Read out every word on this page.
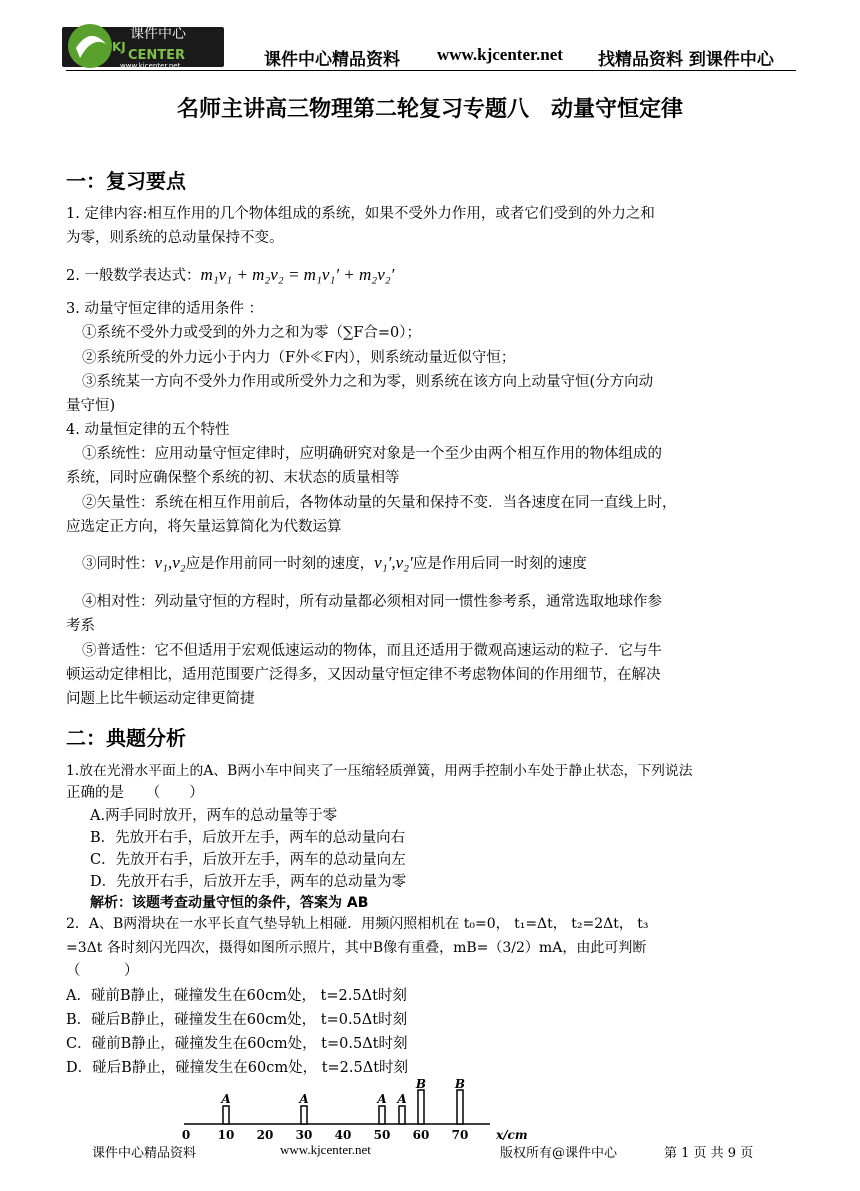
课件中心
KJ
CENTER
www.kjcenter.net	课件中心精品资料 www.kjcenter.net 找精品资料 到课件中心
名师主讲高三物理第二轮复习专题八　动量守恒定律
一：复习要点
1. 定律内容:相互作用的几个物体组成的系统，如果不受外力作用，或者它们受到的外力之和
为零，则系统的总动量保持不变。
2. 一般数学表达式：m₁v₁ + m₂v₂ = m₁v₁′ + m₂v₂′
3. 动量守恒定律的适用条件 ：
①系统不受外力或受到的外力之和为零（∑F合=0）；
②系统所受的外力远小于内力（F外≪F内），则系统动量近似守恒；
③系统某一方向不受外力作用或所受外力之和为零，则系统在该方向上动量守恒(分方向动
量守恒)
4. 动量恒定律的五个特性
①系统性：应用动量守恒定律时，应明确研究对象是一个至少由两个相互作用的物体组成的
系统，同时应确保整个系统的初、末状态的质量相等
②矢量性：系统在相互作用前后，各物体动量的矢量和保持不变．当各速度在同一直线上时，
应选定正方向，将矢量运算简化为代数运算
③同时性：v₁,v₂应是作用前同一时刻的速度，v₁′,v₂′应是作用后同一时刻的速度
④相对性：列动量守恒的方程时，所有动量都必须相对同一惯性参考系，通常选取地球作参
考系
⑤普适性：它不但适用于宏观低速运动的物体，而且还适用于微观高速运动的粒子．它与牛
顿运动定律相比，适用范围要广泛得多，又因动量守恒定律不考虑物体间的作用细节，在解决
问题上比牛顿运动定律更简捷
二：典题分析
1.放在光滑水平面上的A、B两小车中间夹了一压缩轻质弹簧，用两手控制小车处于静止状态，下列说法
正确的是　　（　　）
A.两手同时放开，两车的总动量等于零
B．先放开右手，后放开左手，两车的总动量向右
C．先放开右手，后放开左手，两车的总动量向左
D．先放开右手，后放开左手，两车的总动量为零
解析：该题考查动量守恒的条件，答案为 AB
2．A、B两滑块在一水平长直气垫导轨上相碰．用频闪照相机在 t₀=0， t₁=Δt， t₂=2Δt， t₃
=3Δt 各时刻闪光四次，摄得如图所示照片，其中B像有重叠，mB=（3/2）mA，由此可判断
（　　　）
A．碰前B静止，碰撞发生在60cm处， t=2.5Δt时刻
B．碰后B静止，碰撞发生在60cm处， t=0.5Δt时刻
C．碰前B静止，碰撞发生在60cm处， t=0.5Δt时刻
D．碰后B静止，碰撞发生在60cm处， t=2.5Δt时刻
0 10 20 30 40 50 60 70 x/cm
A	A	A A
B B
课件中心精品资料	www.kjcenter.net	版权所有@课件中心	第 1 页 共 9 页
